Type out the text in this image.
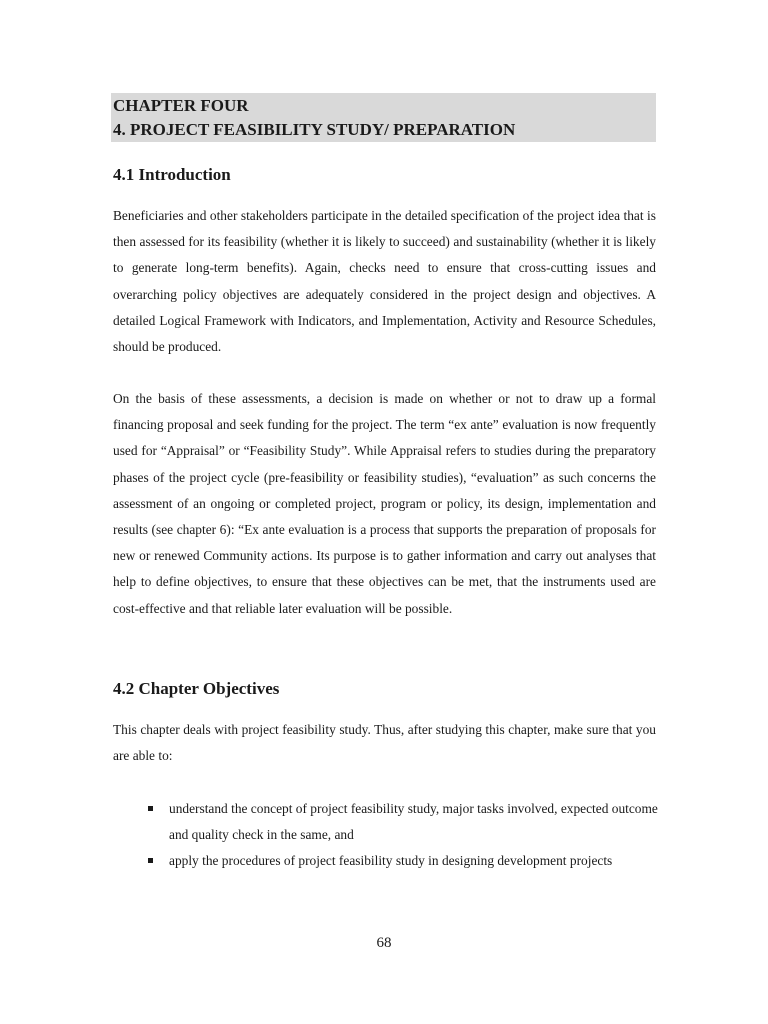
CHAPTER FOUR
4. PROJECT FEASIBILITY STUDY/ PREPARATION
4.1 Introduction

Beneficiaries and other stakeholders participate in the detailed specification of the project idea that is then assessed for its feasibility (whether it is likely to succeed) and sustainability (whether it is likely to generate long-term benefits). Again, checks need to ensure that cross-cutting issues and overarching policy objectives are adequately considered in the project design and objectives. A detailed Logical Framework with Indicators, and Implementation, Activity and Resource Schedules, should be produced.

On the basis of these assessments, a decision is made on whether or not to draw up a formal financing proposal and seek funding for the project. The term “ex ante” evaluation is now frequently used for “Appraisal” or “Feasibility Study”. While Appraisal refers to studies during the preparatory phases of the project cycle (pre-feasibility or feasibility studies), “evaluation” as such concerns the assessment of an ongoing or completed project, program or policy, its design, implementation and results (see chapter 6): “Ex ante evaluation is a process that supports the preparation of proposals for new or renewed Community actions. Its purpose is to gather information and carry out analyses that help to define objectives, to ensure that these objectives can be met, that the instruments used are cost-effective and that reliable later evaluation will be possible.

4.2 Chapter Objectives

This chapter deals with project feasibility study. Thus, after studying this chapter, make sure that you are able to:

understand the concept of project feasibility study, major tasks involved, expected outcome and quality check in the same, and
apply the procedures of project feasibility study in designing development projects
68
